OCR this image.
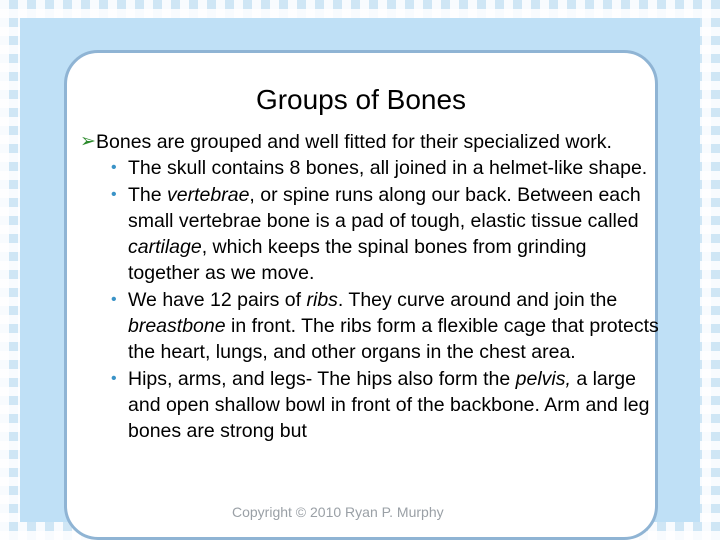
Groups of Bones
➢ Bones are grouped and well fitted for their specialized work.
• The skull contains 8 bones, all joined in a helmet-like shape.
• The vertebrae, or spine runs along our back. Between each small vertebrae bone is a pad of tough, elastic tissue called cartilage, which keeps the spinal bones from grinding together as we move.
• We have 12 pairs of ribs. They curve around and join the breastbone in front. The ribs form a flexible cage that protects the heart, lungs, and other organs in the chest area.
• Hips, arms, and legs- The hips also form the pelvis, a large and open shallow bowl in front of the backbone. Arm and leg bones are strong but
Copyright © 2010 Ryan P. Murphy
